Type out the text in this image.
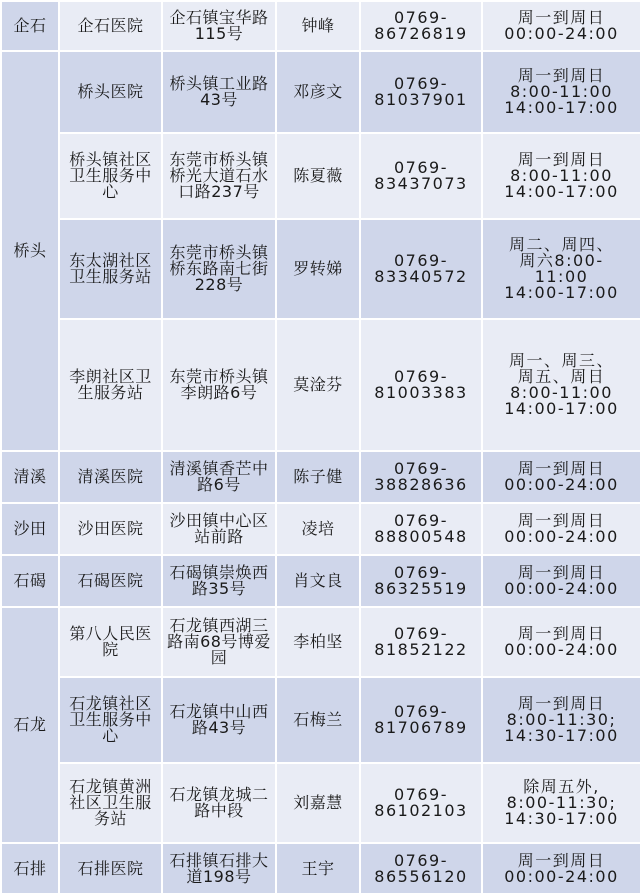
企石	企石医院	企石镇宝华路115号	钟峰	0769-
86726819	周一到周日
00:00-24:00

桥头	桥头医院	桥头镇工业路43号	邓彦文	0769-
81037901	周一到周日
8:00-11:00
14:00-17:00

	桥头镇社区卫生服务中心	东莞市桥头镇桥光大道石水口路237号	陈夏薇	0769-
83437073	周一到周日
8:00-11:00
14:00-17:00

	东太湖社区卫生服务站	东莞市桥头镇桥东路南七街228号	罗转娣	0769-
83340572	周二、周四、
周六8:00-
11:00
14:00-17:00

	李朗社区卫生服务站	东莞市桥头镇李朗路6号	莫淦芬	0769-
81003383	周一、周三、
周五、周日
8:00-11:00
14:00-17:00

清溪	清溪医院	清溪镇香芒中路6号	陈子健	0769-
38828636	周一到周日
00:00-24:00

沙田	沙田医院	沙田镇中心区站前路	凌培	0769-
88800548	周一到周日
00:00-24:00

石碣	石碣医院	石碣镇崇焕西路35号	肖文良	0769-
86325519	周一到周日
00:00-24:00

石龙	第八人民医院	石龙镇西湖三路南68号博爱园	李柏坚	0769-
81852122	周一到周日
00:00-24:00

	石龙镇社区卫生服务中心	石龙镇中山西路43号	石梅兰	0769-
81706789	周一到周日
8:00-11:30;
14:30-17:00

	石龙镇黄洲社区卫生服务站	石龙镇龙城二路中段	刘嘉慧	0769-
86102103	除周五外,
8:00-11:30;
14:30-17:00

石排	石排医院	石排镇石排大道198号	王宇	0769-
86556120	周一到周日
00:00-24:00
